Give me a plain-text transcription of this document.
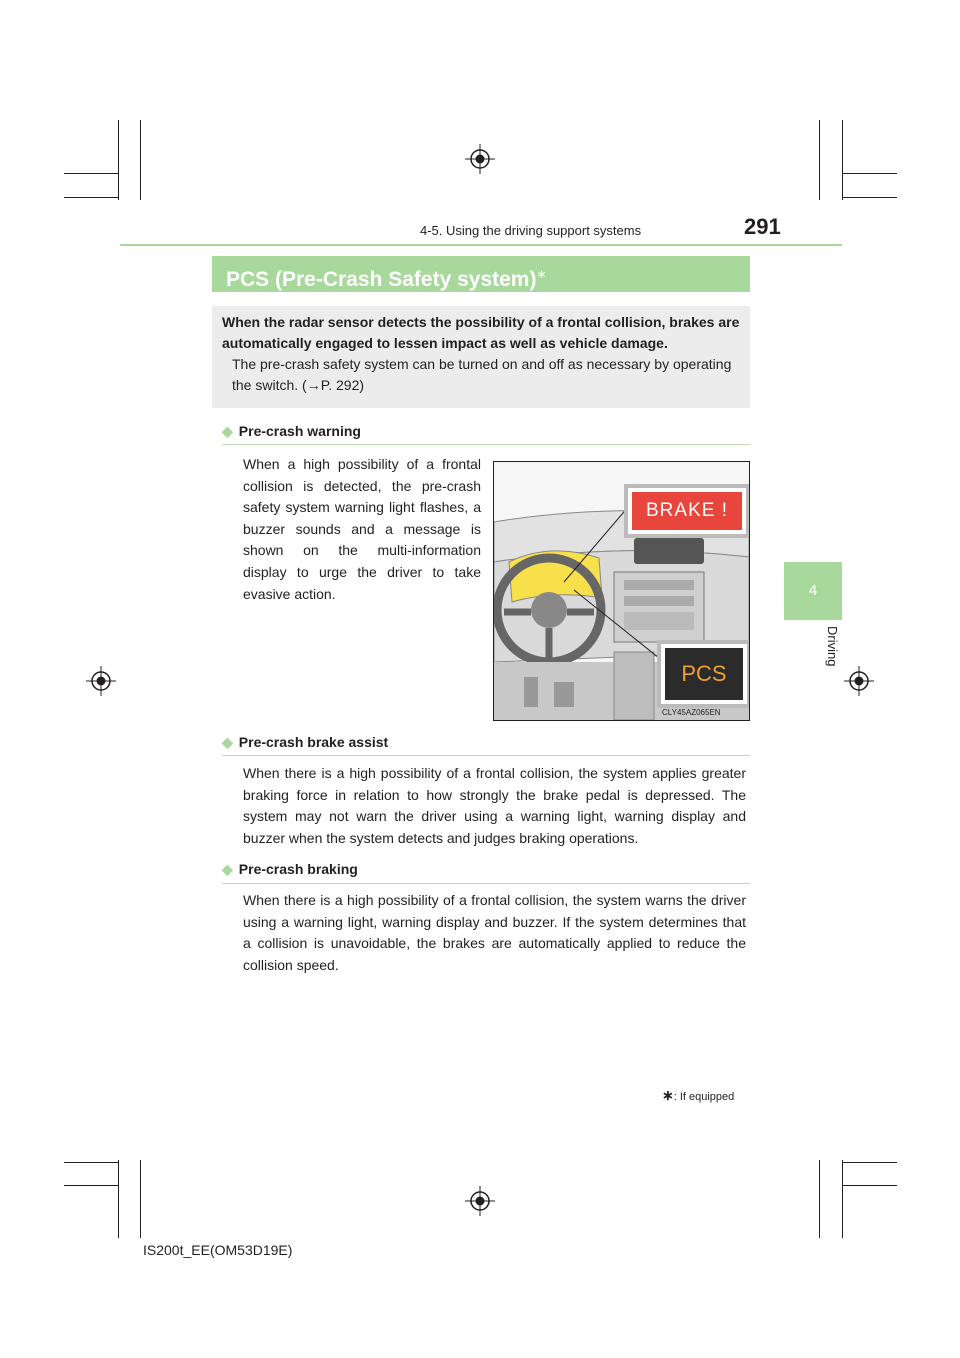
4-5. Using the driving support systems	291
4
Driving
PCS (Pre-Crash Safety system)∗
When the radar sensor detects the possibility of a frontal collision, brakes are automatically engaged to lessen impact as well as vehicle damage.
The pre-crash safety system can be turned on and off as necessary by operating the switch. (→P. 292)
◆ Pre-crash warning
When a high possibility of a frontal collision is detected, the pre-crash safety system warning light flashes, a buzzer sounds and a message is shown on the multi-information display to urge the driver to take evasive action.
BRAKE !
PCS
CLY45AZ065EN
◆ Pre-crash brake assist
When there is a high possibility of a frontal collision, the system applies greater braking force in relation to how strongly the brake pedal is depressed. The system may not warn the driver using a warning light, warning display and buzzer when the system detects and judges braking operations.
◆ Pre-crash braking
When there is a high possibility of a frontal collision, the system warns the driver using a warning light, warning display and buzzer. If the system determines that a collision is unavoidable, the brakes are automatically applied to reduce the collision speed.
∗: If equipped
IS200t_EE(OM53D19E)
